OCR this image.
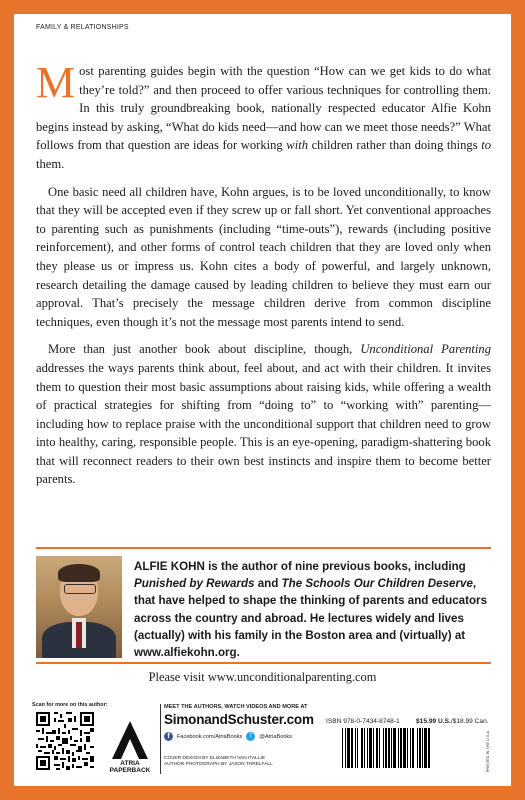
FAMILY & RELATIONSHIPS

Most parenting guides begin with the question “How can we get kids to do what they’re told?” and then proceed to offer various techniques for controlling them. In this truly groundbreaking book, nationally respected educator Alfie Kohn begins instead by asking, “What do kids need—and how can we meet those needs?” What follows from that question are ideas for working with children rather than doing things to them.

One basic need all children have, Kohn argues, is to be loved unconditionally, to know that they will be accepted even if they screw up or fall short. Yet conventional approaches to parenting such as punishments (including “time-outs”), rewards (including positive reinforcement), and other forms of control teach children that they are loved only when they please us or impress us. Kohn cites a body of powerful, and largely unknown, research detailing the damage caused by leading children to believe they must earn our approval. That’s precisely the message children derive from common discipline techniques, even though it’s not the message most parents intend to send.

More than just another book about discipline, though, Unconditional Parenting addresses the ways parents think about, feel about, and act with their children. It invites them to question their most basic assumptions about raising kids, while offering a wealth of practical strategies for shifting from “doing to” to “working with” parenting—including how to replace praise with the unconditional support that children need to grow into healthy, caring, responsible people. This is an eye-opening, paradigm-shattering book that will reconnect readers to their own best instincts and inspire them to become better parents.

ALFIE KOHN is the author of nine previous books, including Punished by Rewards and The Schools Our Children Deserve, that have helped to shape the thinking of parents and educators across the country and abroad. He lectures widely and lives (actually) with his family in the Boston area and (virtually) at www.alfiekohn.org.
Please visit www.unconditionalparenting.com
Scan for more on this author:
ATRIA
PAPERBACK
MEET THE AUTHORS, WATCH VIDEOS AND MORE AT
SimonandSchuster.com
f	Facebook.com/AtriaBooks	t	@AtriaBooks
COVER DESIGN BY ELIZABETH VAN ITALLIE
AUTHOR PHOTOGRAPH BY JASON THRELFALL
ISBN 978-0-7434-8748-1 $15.99 U.S./$18.99 Can.
PRINTED IN THE U.S.A.
